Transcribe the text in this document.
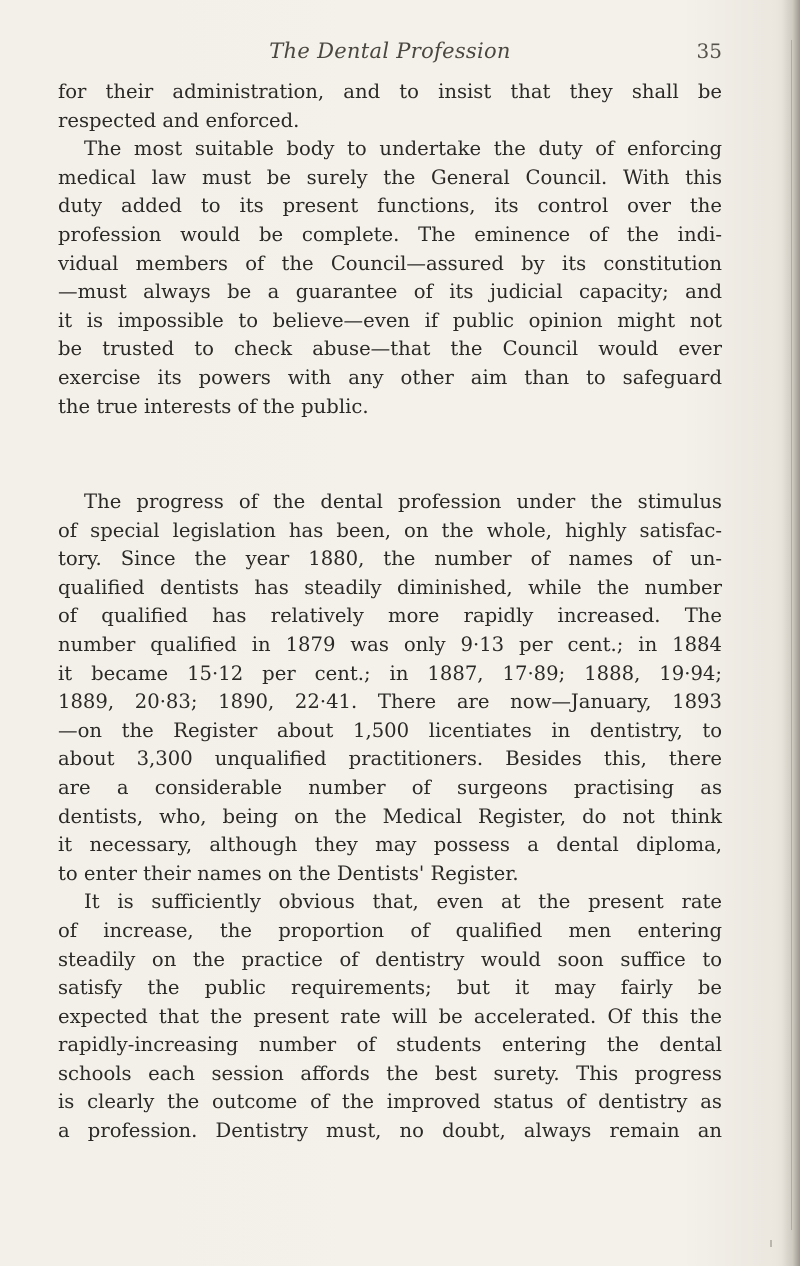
The Dental Profession	35
for their administration, and to insist that they shall be
respected and enforced.
The most suitable body to undertake the duty of enforcing
medical law must be surely the General Council. With this
duty added to its present functions, its control over the
profession would be complete. The eminence of the indi-
vidual members of the Council—assured by its constitution
—must always be a guarantee of its judicial capacity; and
it is impossible to believe—even if public opinion might not
be trusted to check abuse—that the Council would ever
exercise its powers with any other aim than to safeguard
the true interests of the public.
The progress of the dental profession under the stimulus
of special legislation has been, on the whole, highly satisfac-
tory. Since the year 1880, the number of names of un-
qualified dentists has steadily diminished, while the number
of qualified has relatively more rapidly increased. The
number qualified in 1879 was only 9·13 per cent.; in 1884
it became 15·12 per cent.; in 1887, 17·89; 1888, 19·94;
1889, 20·83; 1890, 22·41. There are now—January, 1893
—on the Register about 1,500 licentiates in dentistry, to
about 3,300 unqualified practitioners. Besides this, there
are a considerable number of surgeons practising as
dentists, who, being on the Medical Register, do not think
it necessary, although they may possess a dental diploma,
to enter their names on the Dentists' Register.
It is sufficiently obvious that, even at the present rate
of increase, the proportion of qualified men entering
steadily on the practice of dentistry would soon suffice to
satisfy the public requirements; but it may fairly be
expected that the present rate will be accelerated. Of this the
rapidly-increasing number of students entering the dental
schools each session affords the best surety. This progress
is clearly the outcome of the improved status of dentistry as
a profession. Dentistry must, no doubt, always remain an
